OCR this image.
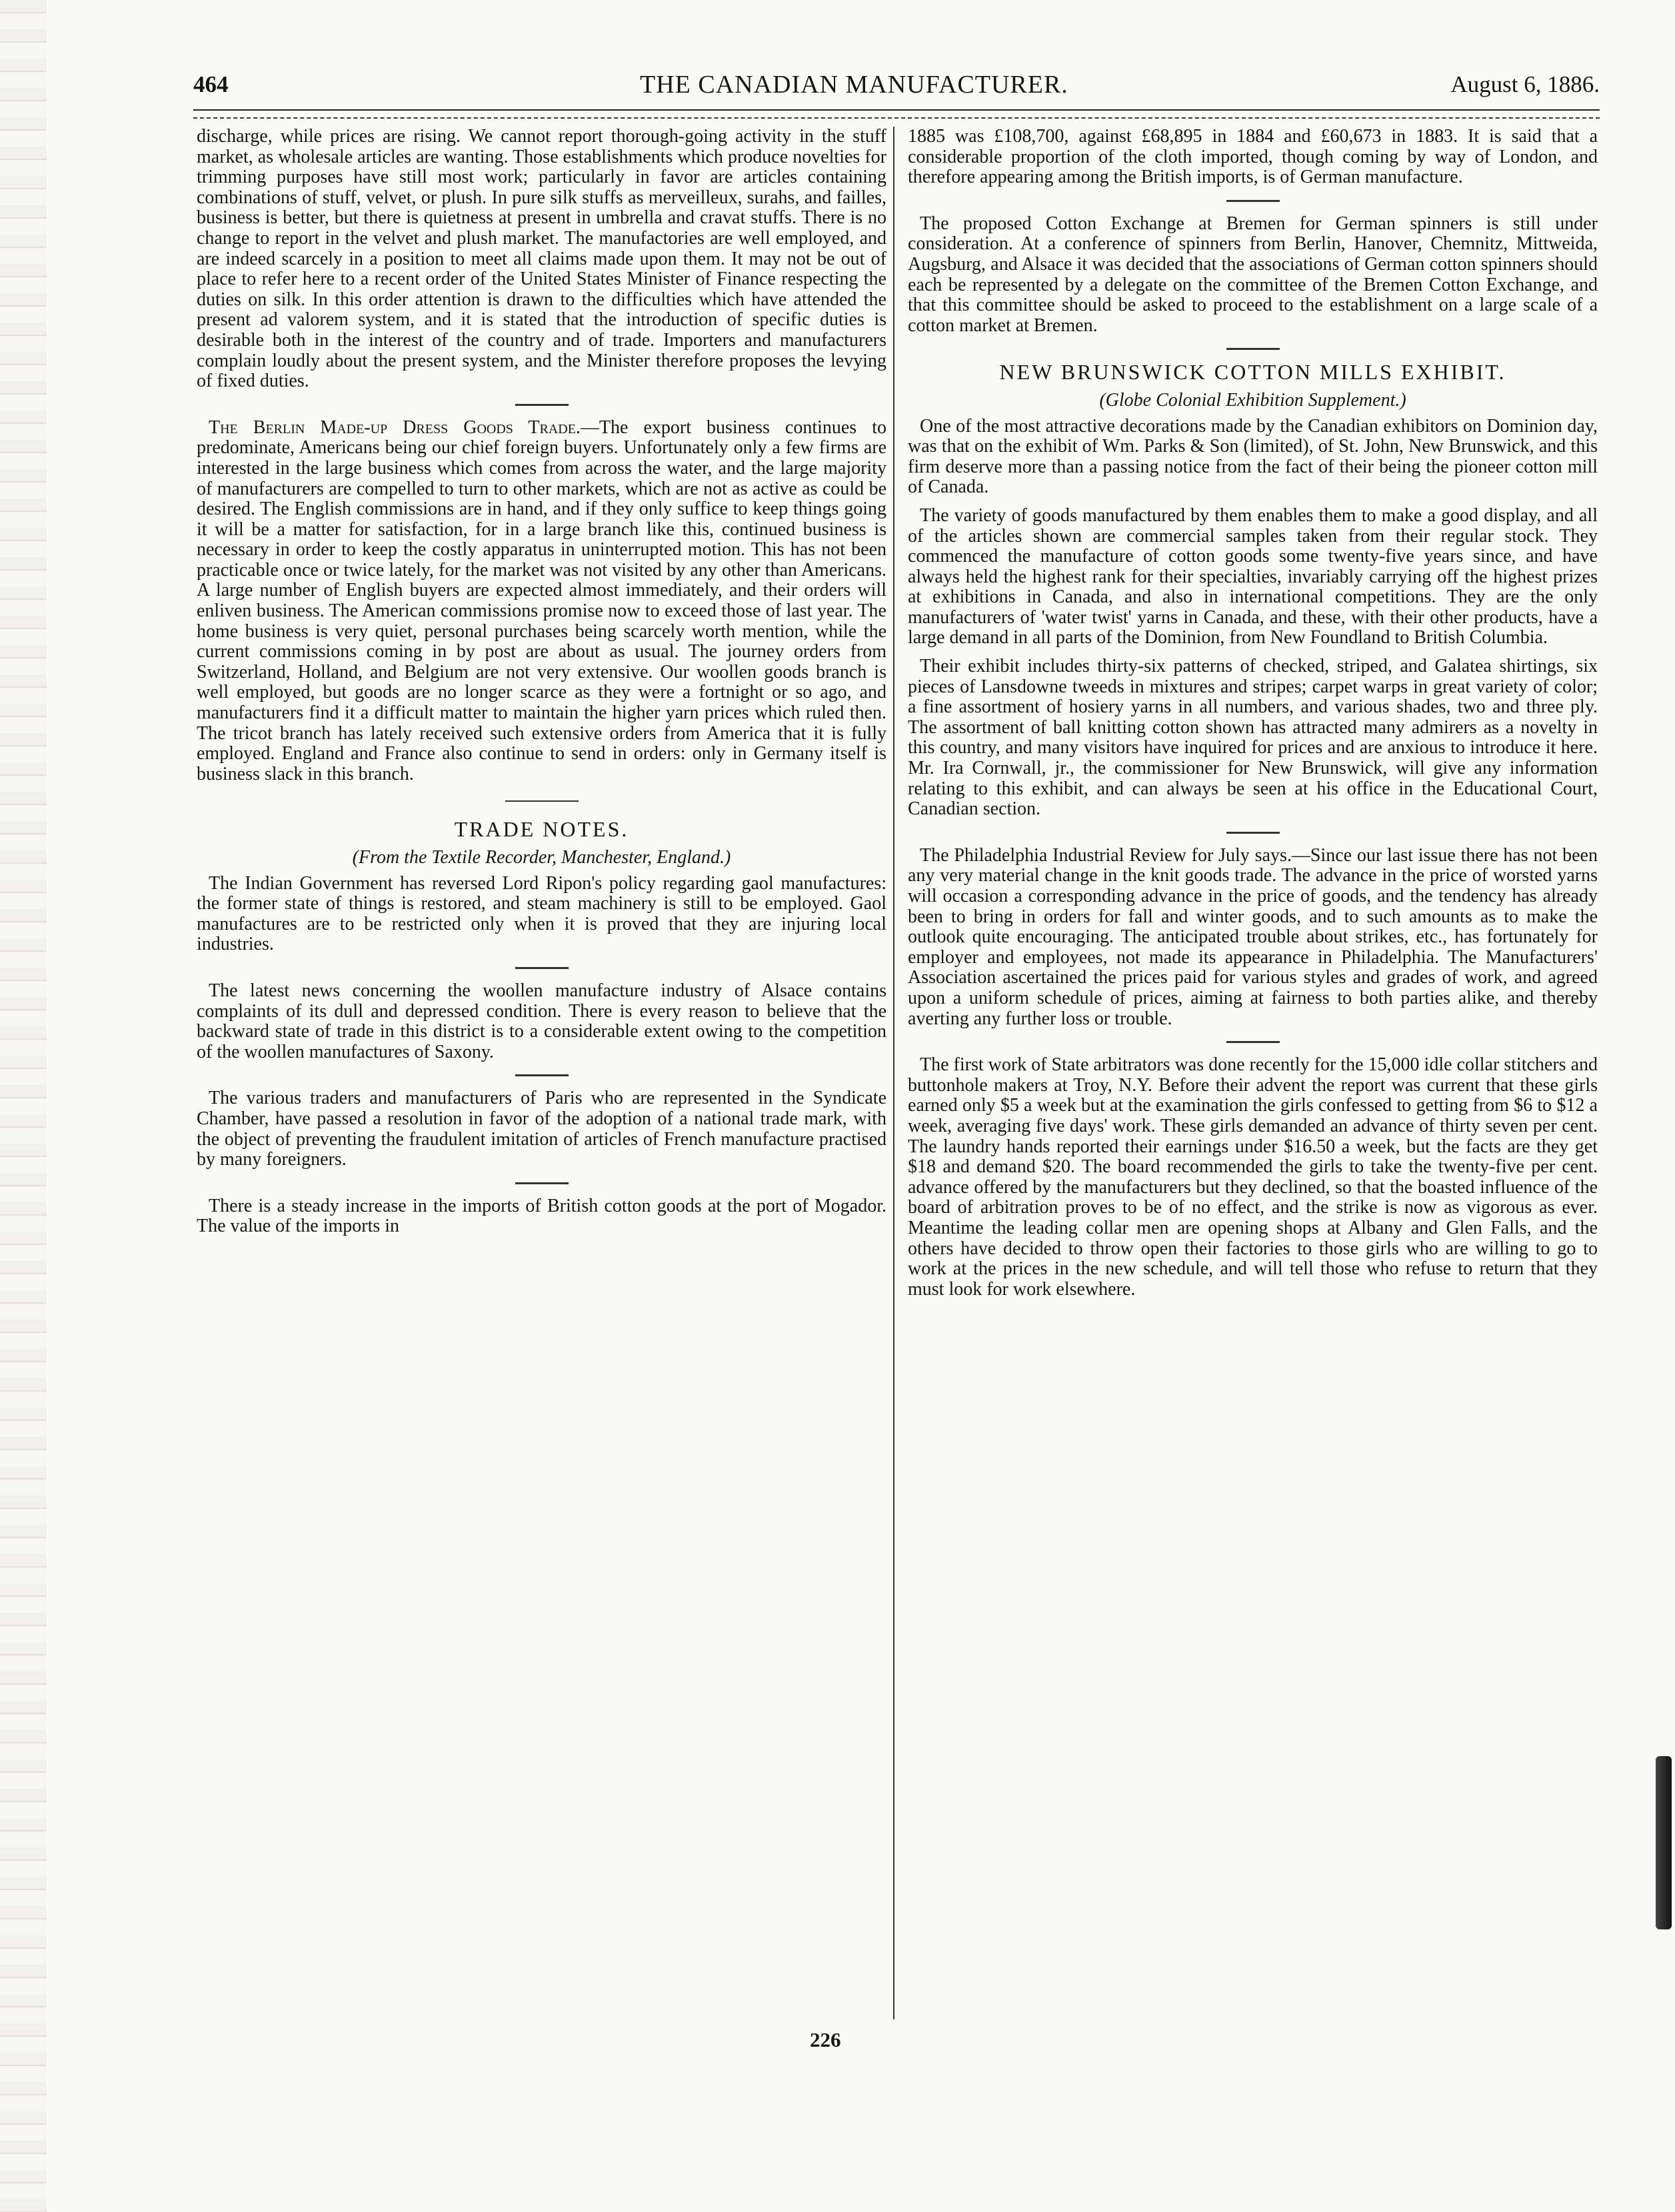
464	THE CANADIAN MANUFACTURER.	August 6, 1886.

discharge, while prices are rising. We cannot report thorough-going activity in the stuff market, as wholesale articles are wanting. Those establishments which produce novelties for trimming purposes have still most work; particularly in favor are articles containing combinations of stuff, velvet, or plush. In pure silk stuffs as merveilleux, surahs, and failles, business is better, but there is quietness at present in umbrella and cravat stuffs. There is no change to report in the velvet and plush market. The manufactories are well employed, and are indeed scarcely in a position to meet all claims made upon them. It may not be out of place to refer here to a recent order of the United States Minister of Finance respecting the duties on silk. In this order attention is drawn to the difficulties which have attended the present ad valorem system, and it is stated that the introduction of specific duties is desirable both in the interest of the country and of trade. Importers and manufacturers complain loudly about the present system, and the Minister therefore proposes the levying of fixed duties.

The Berlin Made-up Dress Goods Trade.—The export business continues to predominate, Americans being our chief foreign buyers. Unfortunately only a few firms are interested in the large business which comes from across the water, and the large majority of manufacturers are compelled to turn to other markets, which are not as active as could be desired. The English commissions are in hand, and if they only suffice to keep things going it will be a matter for satisfaction, for in a large branch like this, continued business is necessary in order to keep the costly apparatus in uninterrupted motion. This has not been practicable once or twice lately, for the market was not visited by any other than Americans. A large number of English buyers are expected almost immediately, and their orders will enliven business. The American commissions promise now to exceed those of last year. The home business is very quiet, personal purchases being scarcely worth mention, while the current commissions coming in by post are about as usual. The journey orders from Switzerland, Holland, and Belgium are not very extensive. Our woollen goods branch is well employed, but goods are no longer scarce as they were a fortnight or so ago, and manufacturers find it a difficult matter to maintain the higher yarn prices which ruled then. The tricot branch has lately received such extensive orders from America that it is fully employed. England and France also continue to send in orders: only in Germany itself is business slack in this branch.

TRADE NOTES.
(From the Textile Recorder, Manchester, England.)

The Indian Government has reversed Lord Ripon's policy regarding gaol manufactures: the former state of things is restored, and steam machinery is still to be employed. Gaol manufactures are to be restricted only when it is proved that they are injuring local industries.

The latest news concerning the woollen manufacture industry of Alsace contains complaints of its dull and depressed condition. There is every reason to believe that the backward state of trade in this district is to a considerable extent owing to the competition of the woollen manufactures of Saxony.

The various traders and manufacturers of Paris who are represented in the Syndicate Chamber, have passed a resolution in favor of the adoption of a national trade mark, with the object of preventing the fraudulent imitation of articles of French manufacture practised by many foreigners.

There is a steady increase in the imports of British cotton goods at the port of Mogador. The value of the imports in

1885 was £108,700, against £68,895 in 1884 and £60,673 in 1883. It is said that a considerable proportion of the cloth imported, though coming by way of London, and therefore appearing among the British imports, is of German manufacture.

The proposed Cotton Exchange at Bremen for German spinners is still under consideration. At a conference of spinners from Berlin, Hanover, Chemnitz, Mittweida, Augsburg, and Alsace it was decided that the associations of German cotton spinners should each be represented by a delegate on the committee of the Bremen Cotton Exchange, and that this committee should be asked to proceed to the establishment on a large scale of a cotton market at Bremen.

NEW BRUNSWICK COTTON MILLS EXHIBIT.
(Globe Colonial Exhibition Supplement.)

One of the most attractive decorations made by the Canadian exhibitors on Dominion day, was that on the exhibit of Wm. Parks & Son (limited), of St. John, New Brunswick, and this firm deserve more than a passing notice from the fact of their being the pioneer cotton mill of Canada.

The variety of goods manufactured by them enables them to make a good display, and all of the articles shown are commercial samples taken from their regular stock. They commenced the manufacture of cotton goods some twenty-five years since, and have always held the highest rank for their specialties, invariably carrying off the highest prizes at exhibitions in Canada, and also in international competitions. They are the only manufacturers of 'water twist' yarns in Canada, and these, with their other products, have a large demand in all parts of the Dominion, from New Foundland to British Columbia.

Their exhibit includes thirty-six patterns of checked, striped, and Galatea shirtings, six pieces of Lansdowne tweeds in mixtures and stripes; carpet warps in great variety of color; a fine assortment of hosiery yarns in all numbers, and various shades, two and three ply. The assortment of ball knitting cotton shown has attracted many admirers as a novelty in this country, and many visitors have inquired for prices and are anxious to introduce it here. Mr. Ira Cornwall, jr., the commissioner for New Brunswick, will give any information relating to this exhibit, and can always be seen at his office in the Educational Court, Canadian section.

The Philadelphia Industrial Review for July says.—Since our last issue there has not been any very material change in the knit goods trade. The advance in the price of worsted yarns will occasion a corresponding advance in the price of goods, and the tendency has already been to bring in orders for fall and winter goods, and to such amounts as to make the outlook quite encouraging. The anticipated trouble about strikes, etc., has fortunately for employer and employees, not made its appearance in Philadelphia. The Manufacturers' Association ascertained the prices paid for various styles and grades of work, and agreed upon a uniform schedule of prices, aiming at fairness to both parties alike, and thereby averting any further loss or trouble.

The first work of State arbitrators was done recently for the 15,000 idle collar stitchers and buttonhole makers at Troy, N.Y. Before their advent the report was current that these girls earned only $5 a week but at the examination the girls confessed to getting from $6 to $12 a week, averaging five days' work. These girls demanded an advance of thirty seven per cent. The laundry hands reported their earnings under $16.50 a week, but the facts are they get $18 and demand $20. The board recommended the girls to take the twenty-five per cent. advance offered by the manufacturers but they declined, so that the boasted influence of the board of arbitration proves to be of no effect, and the strike is now as vigorous as ever. Meantime the leading collar men are opening shops at Albany and Glen Falls, and the others have decided to throw open their factories to those girls who are willing to go to work at the prices in the new schedule, and will tell those who refuse to return that they must look for work elsewhere.

226
